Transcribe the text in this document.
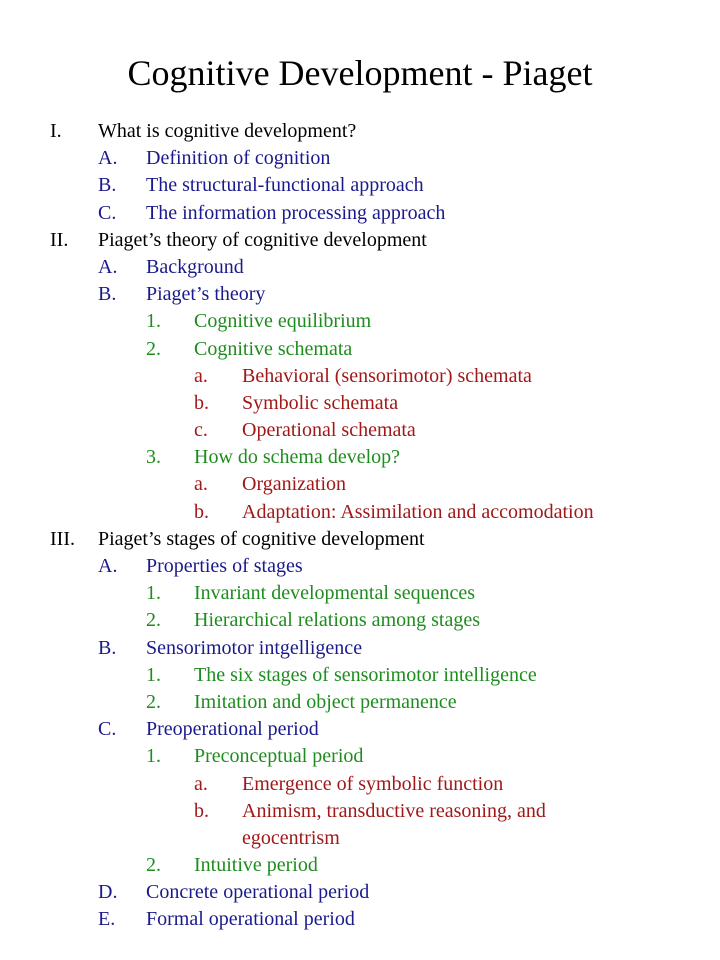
Cognitive Development - Piaget
I. What is cognitive development?
A. Definition of cognition
B. The structural-functional approach
C. The information processing approach
II. Piaget’s theory of cognitive development
A. Background
B. Piaget’s theory
1. Cognitive equilibrium
2. Cognitive schemata
a. Behavioral (sensorimotor) schemata
b. Symbolic schemata
c. Operational schemata
3. How do schema develop?
a. Organization
b. Adaptation: Assimilation and accomodation
III. Piaget’s stages of cognitive development
A. Properties of stages
1. Invariant developmental sequences
2. Hierarchical relations among stages
B. Sensorimotor intgelligence
1. The six stages of sensorimotor intelligence
2. Imitation and object permanence
C. Preoperational period
1. Preconceptual period
a. Emergence of symbolic function
b. Animism, transductive reasoning, and egocentrism
2. Intuitive period
D. Concrete operational period
E. Formal operational period
